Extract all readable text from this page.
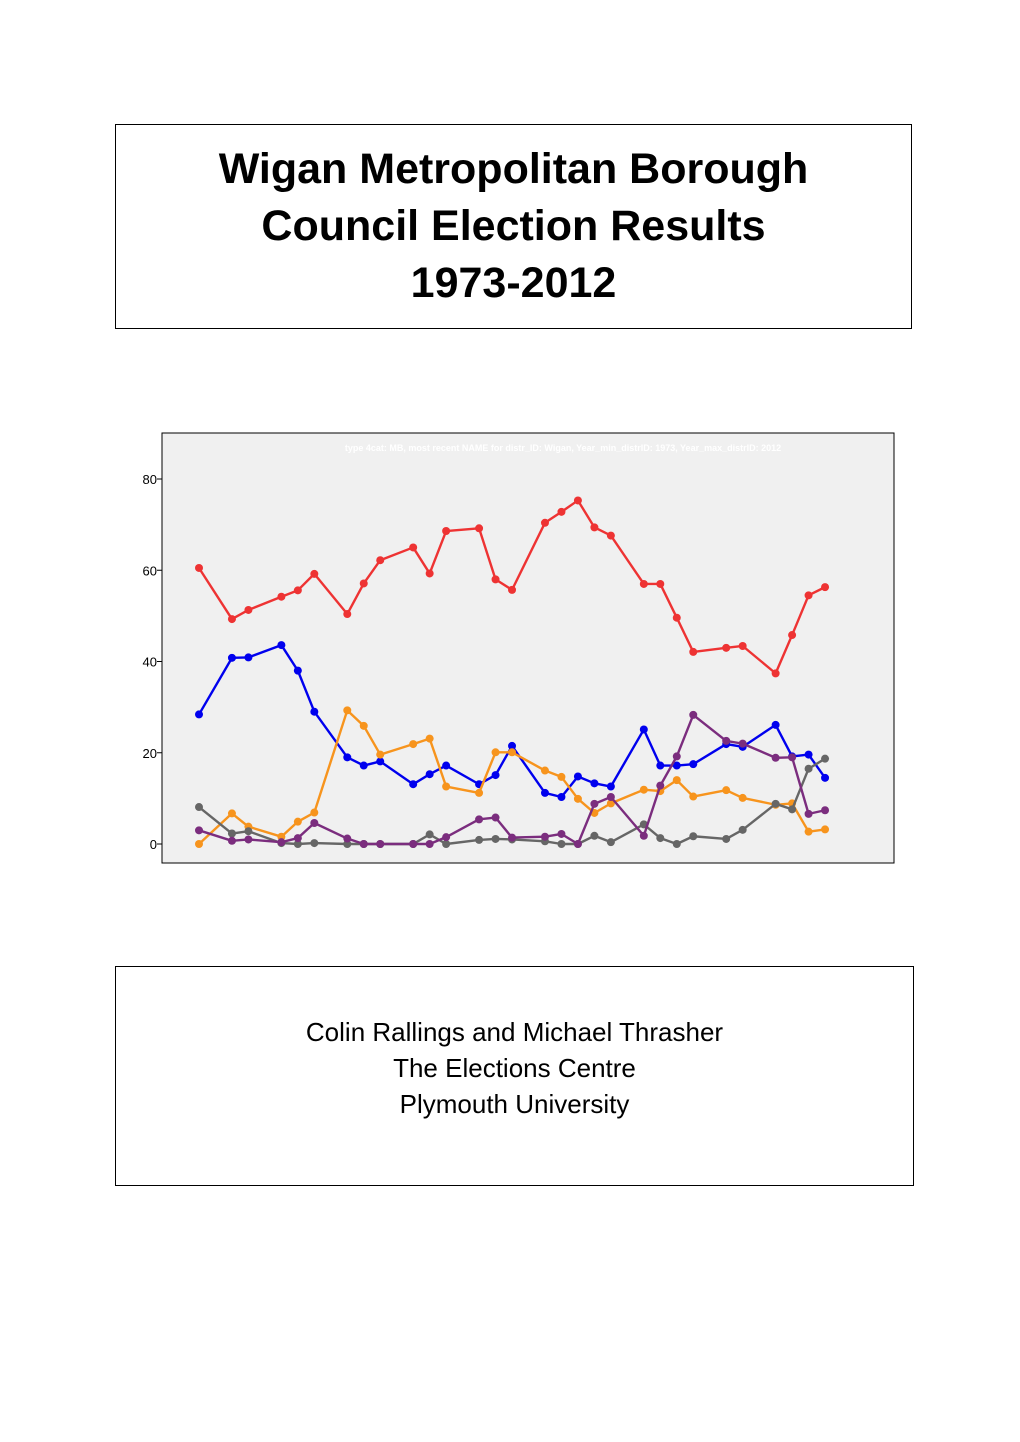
Wigan Metropolitan Borough
Council Election Results
1973-2012
type 4cat: MB, most recent NAME for distr_ID: Wigan, Year_min_distrID: 1973, Year_max_distrID: 2012
0
20
40
60
80
Colin Rallings and Michael Thrasher
The Elections Centre
Plymouth University
